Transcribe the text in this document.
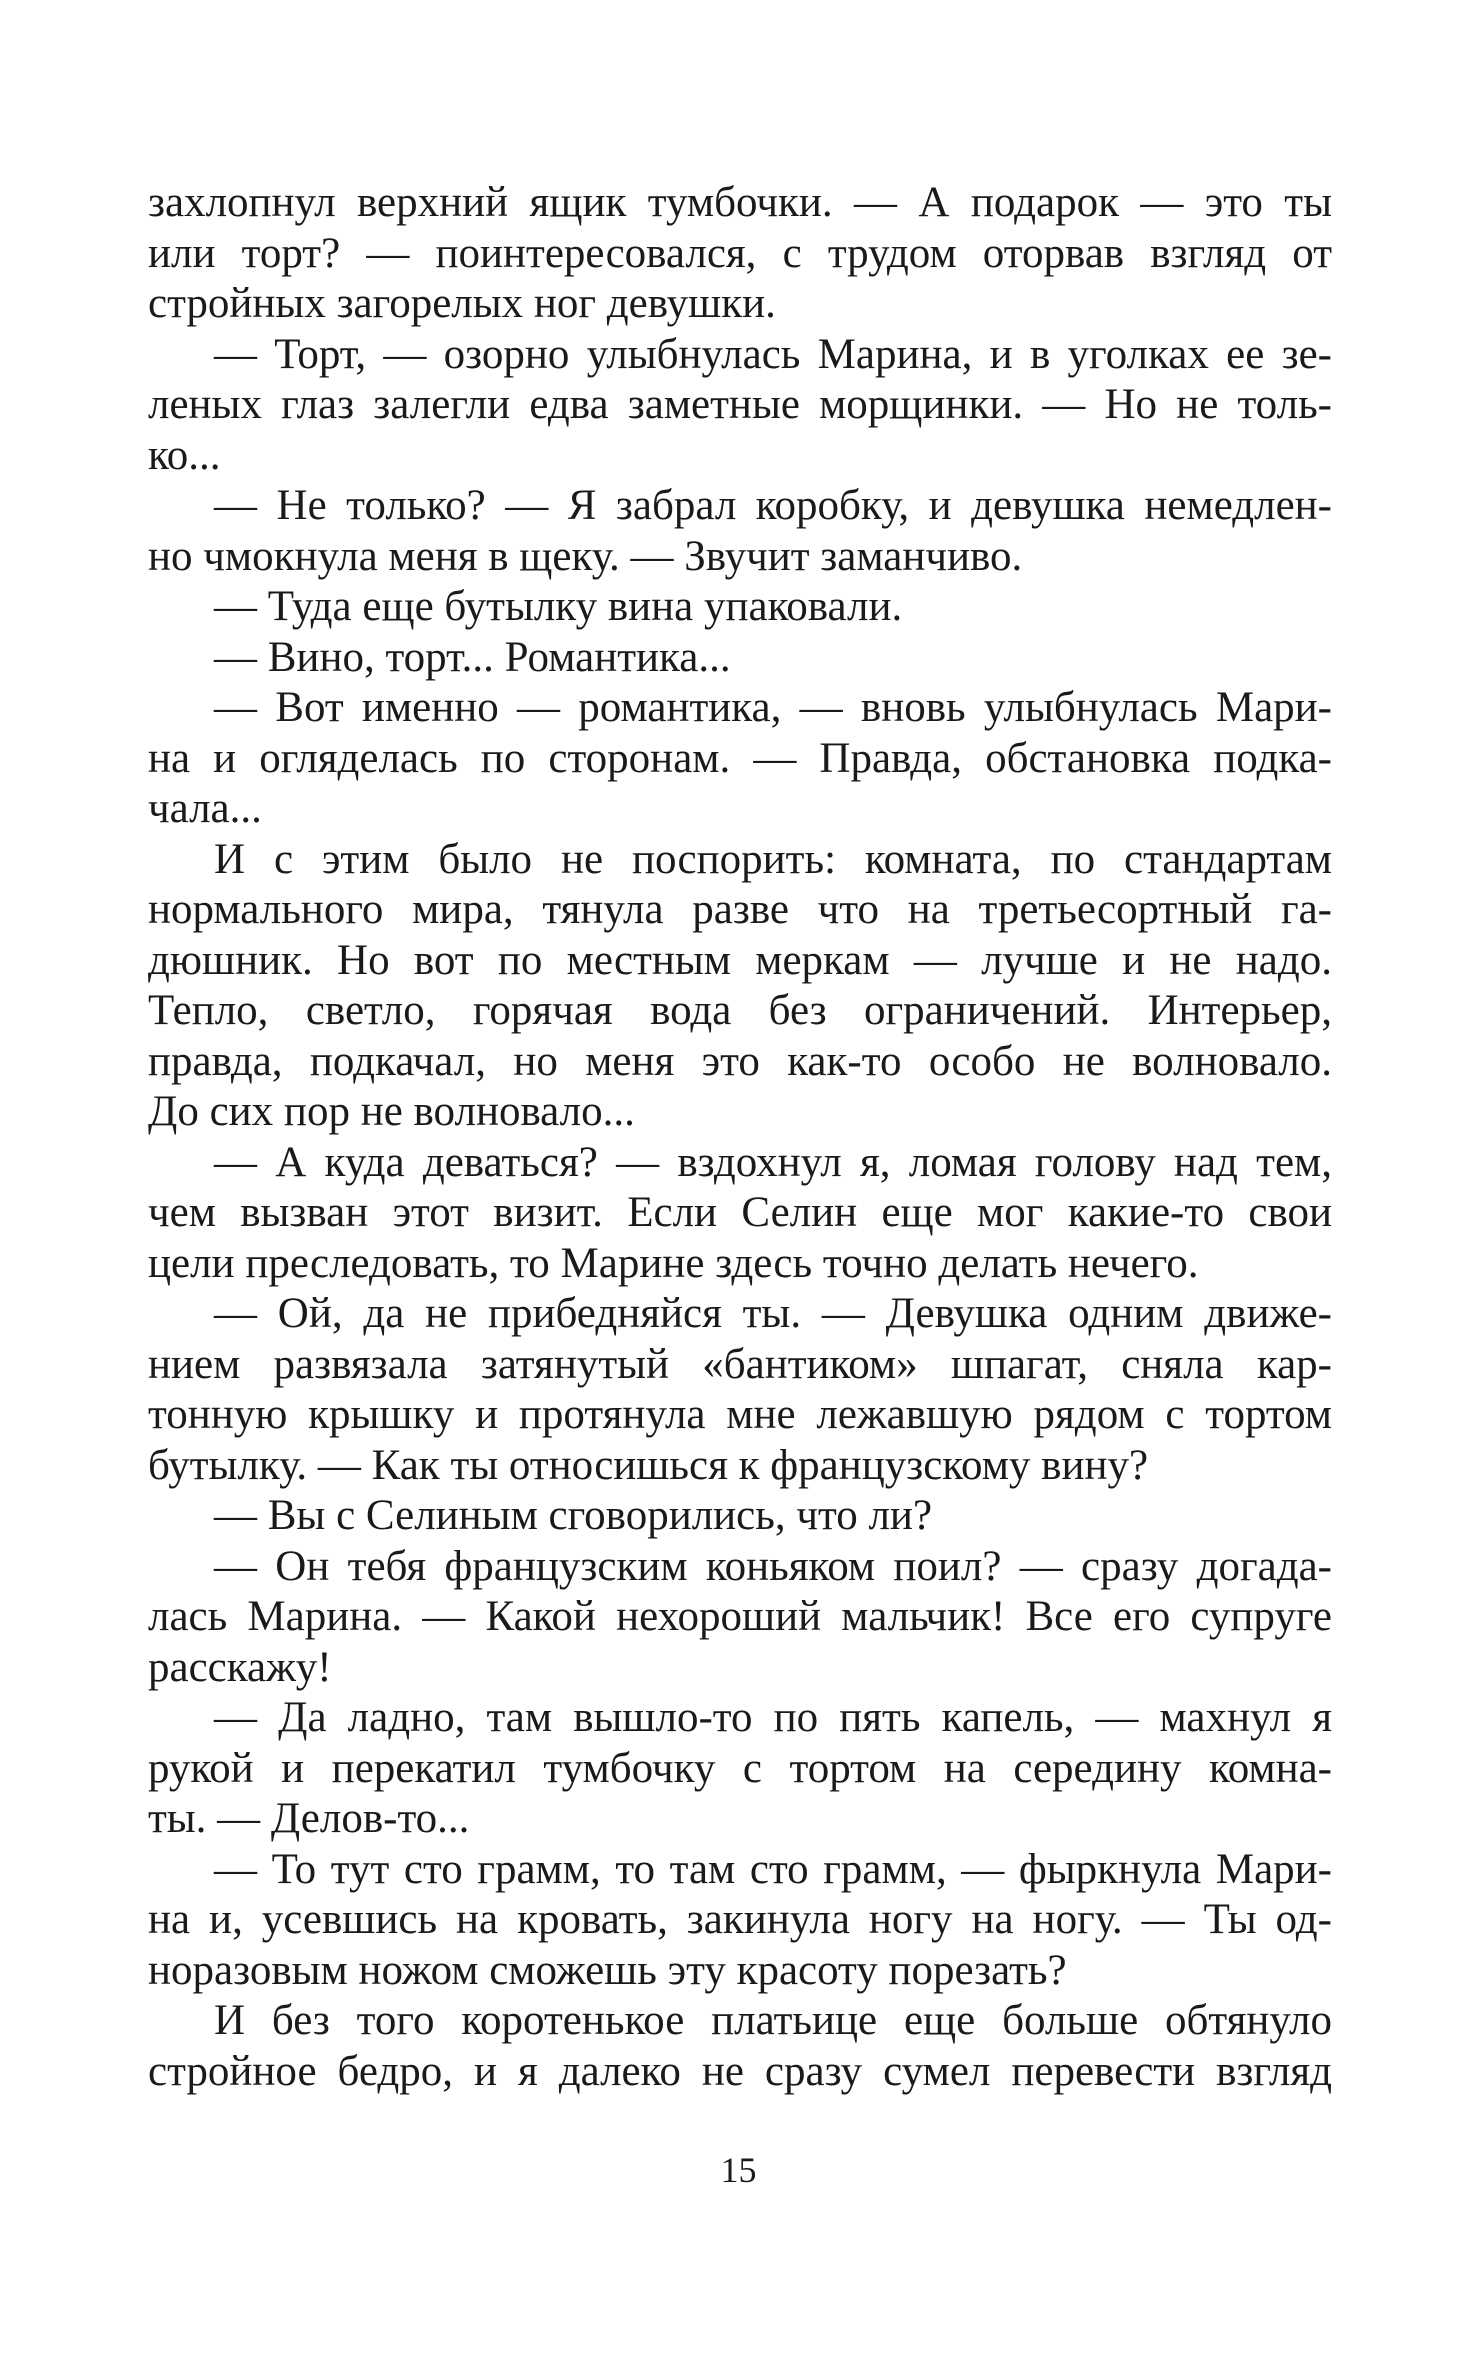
захлопнул верхний ящик тумбочки. — А подарок — это ты
или торт? — поинтересовался, с трудом оторвав взгляд от
стройных загорелых ног девушки.
— Торт, — озорно улыбнулась Марина, и в уголках ее зе-
леных глаз залегли едва заметные морщинки. — Но не толь-
ко...
— Не только? — Я забрал коробку, и девушка немедлен-
но чмокнула меня в щеку. — Звучит заманчиво.
— Туда еще бутылку вина упаковали.
— Вино, торт... Романтика...
— Вот именно — романтика, — вновь улыбнулась Мари-
на и огляделась по сторонам. — Правда, обстановка подка-
чала...
И с этим было не поспорить: комната, по стандартам
нормального мира, тянула разве что на третьесортный га-
дюшник. Но вот по местным меркам — лучше и не надо.
Тепло, светло, горячая вода без ограничений. Интерьер,
правда, подкачал, но меня это как-то особо не волновало.
До сих пор не волновало...
— А куда деваться? — вздохнул я, ломая голову над тем,
чем вызван этот визит. Если Селин еще мог какие-то свои
цели преследовать, то Марине здесь точно делать нечего.
— Ой, да не прибедняйся ты. — Девушка одним движе-
нием развязала затянутый «бантиком» шпагат, сняла кар-
тонную крышку и протянула мне лежавшую рядом с тортом
бутылку. — Как ты относишься к французскому вину?
— Вы с Селиным сговорились, что ли?
— Он тебя французским коньяком поил? — сразу догада-
лась Марина. — Какой нехороший мальчик! Все его супруге
расскажу!
— Да ладно, там вышло-то по пять капель, — махнул я
рукой и перекатил тумбочку с тортом на середину комна-
ты. — Делов-то...
— То тут сто грамм, то там сто грамм, — фыркнула Мари-
на и, усевшись на кровать, закинула ногу на ногу. — Ты од-
норазовым ножом сможешь эту красоту порезать?
И без того коротенькое платьице еще больше обтянуло
стройное бедро, и я далеко не сразу сумел перевести взгляд
15
